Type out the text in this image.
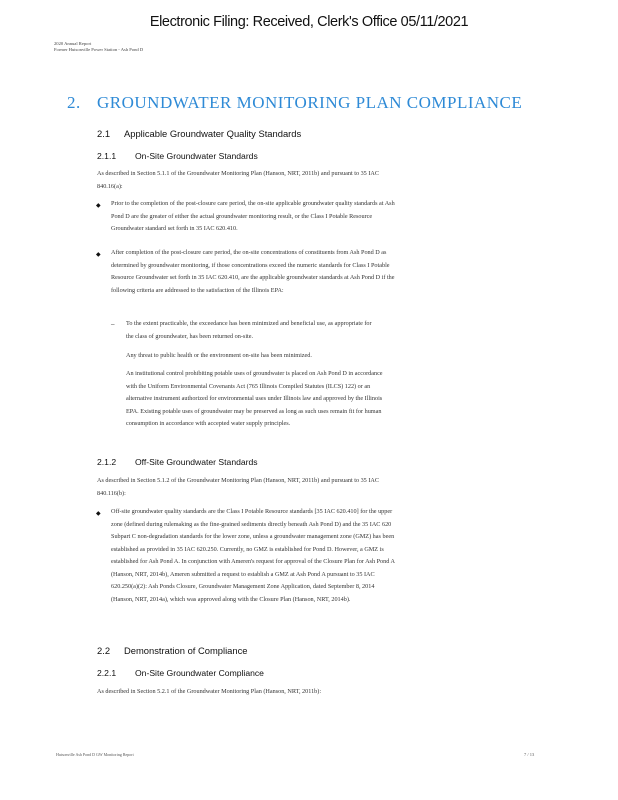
Electronic Filing: Received, Clerk's Office 05/11/2021
2020 Annual Report
Former Hutsonville Power Station - Ash Pond D
2. GROUNDWATER MONITORING PLAN COMPLIANCE
2.1 Applicable Groundwater Quality Standards
2.1.1 On-Site Groundwater Standards
As described in Section 5.1.1 of the Groundwater Monitoring Plan (Hanson, NRT, 2011b) and pursuant to 35 IAC 840.16(a):
◆ Prior to the completion of the post-closure care period, the on-site applicable groundwater quality standards at Ash Pond D are the greater of either the actual groundwater monitoring result, or the Class I Potable Resource Groundwater standard set forth in 35 IAC 620.410.
◆ After completion of the post-closure care period, the on-site concentrations of constituents from Ash Pond D as determined by groundwater monitoring, if those concentrations exceed the numeric standards for Class I Potable Resource Groundwater set forth in 35 IAC 620.410, are the applicable groundwater standards at Ash Pond D if the following criteria are addressed to the satisfaction of the Illinois EPA:
– To the extent practicable, the exceedance has been minimized and beneficial use, as appropriate for the class of groundwater, has been returned on-site.
Any threat to public health or the environment on-site has been minimized.
An institutional control prohibiting potable uses of groundwater is placed on Ash Pond D in accordance with the Uniform Environmental Covenants Act (765 Illinois Compiled Statutes (ILCS) 122) or an alternative instrument authorized for environmental uses under Illinois law and approved by the Illinois EPA. Existing potable uses of groundwater may be preserved as long as such uses remain fit for human consumption in accordance with accepted water supply principles.
2.1.2 Off-Site Groundwater Standards
As described in Section 5.1.2 of the Groundwater Monitoring Plan (Hanson, NRT, 2011b) and pursuant to 35 IAC 840.116(b):
◆ Off-site groundwater quality standards are the Class I Potable Resource standards [35 IAC 620.410] for the upper zone (defined during rulemaking as the fine-grained sediments directly beneath Ash Pond D) and the 35 IAC 620 Subpart C non-degradation standards for the lower zone, unless a groundwater management zone (GMZ) has been established as provided in 35 IAC 620.250. Currently, no GMZ is established for Pond D. However, a GMZ is established for Ash Pond A. In conjunction with Ameren's request for approval of the Closure Plan for Ash Pond A (Hanson, NRT, 2014b), Ameren submitted a request to establish a GMZ at Ash Pond A pursuant to 35 IAC 620.250(a)(2): Ash Ponds Closure, Groundwater Management Zone Application, dated September 8, 2014 (Hanson, NRT, 2014a), which was approved along with the Closure Plan (Hanson, NRT, 2014b).
2.2 Demonstration of Compliance
2.2.1 On-Site Groundwater Compliance
As described in Section 5.2.1 of the Groundwater Monitoring Plan (Hanson, NRT, 2011b):
Hutsonville Ash Pond D GW Monitoring Report	7 / 13
